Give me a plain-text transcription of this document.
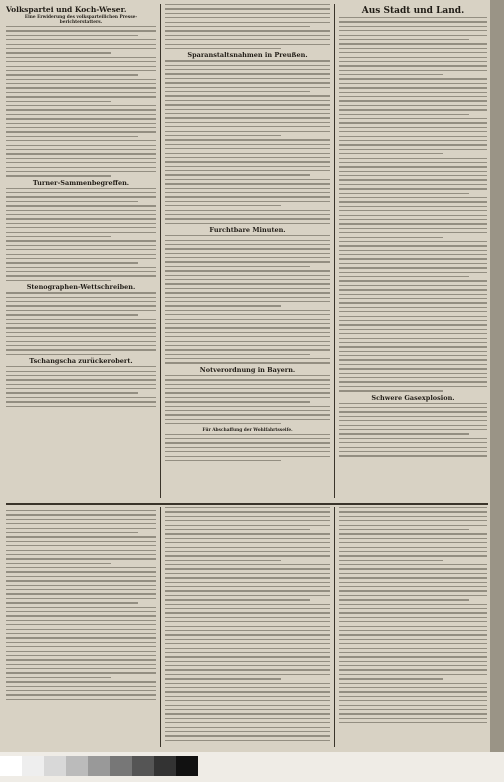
Volkspartei und Koch-Weser.
Eine Erwiderung des volksparteilichen Presse-berichterstatters.
Turner-Sammenbegreffen.
Stenographen-Wettschreiben.
Tschangscha zurückerobert.
Sparanstaltsnahmen in Preußen.
Furchtbare Minuten.
Notverordnung in Bayern.
Für Abschaffung der Wohlfahrtsseife.
Aus Stadt und Land.
Schwere Gasexplosion.
